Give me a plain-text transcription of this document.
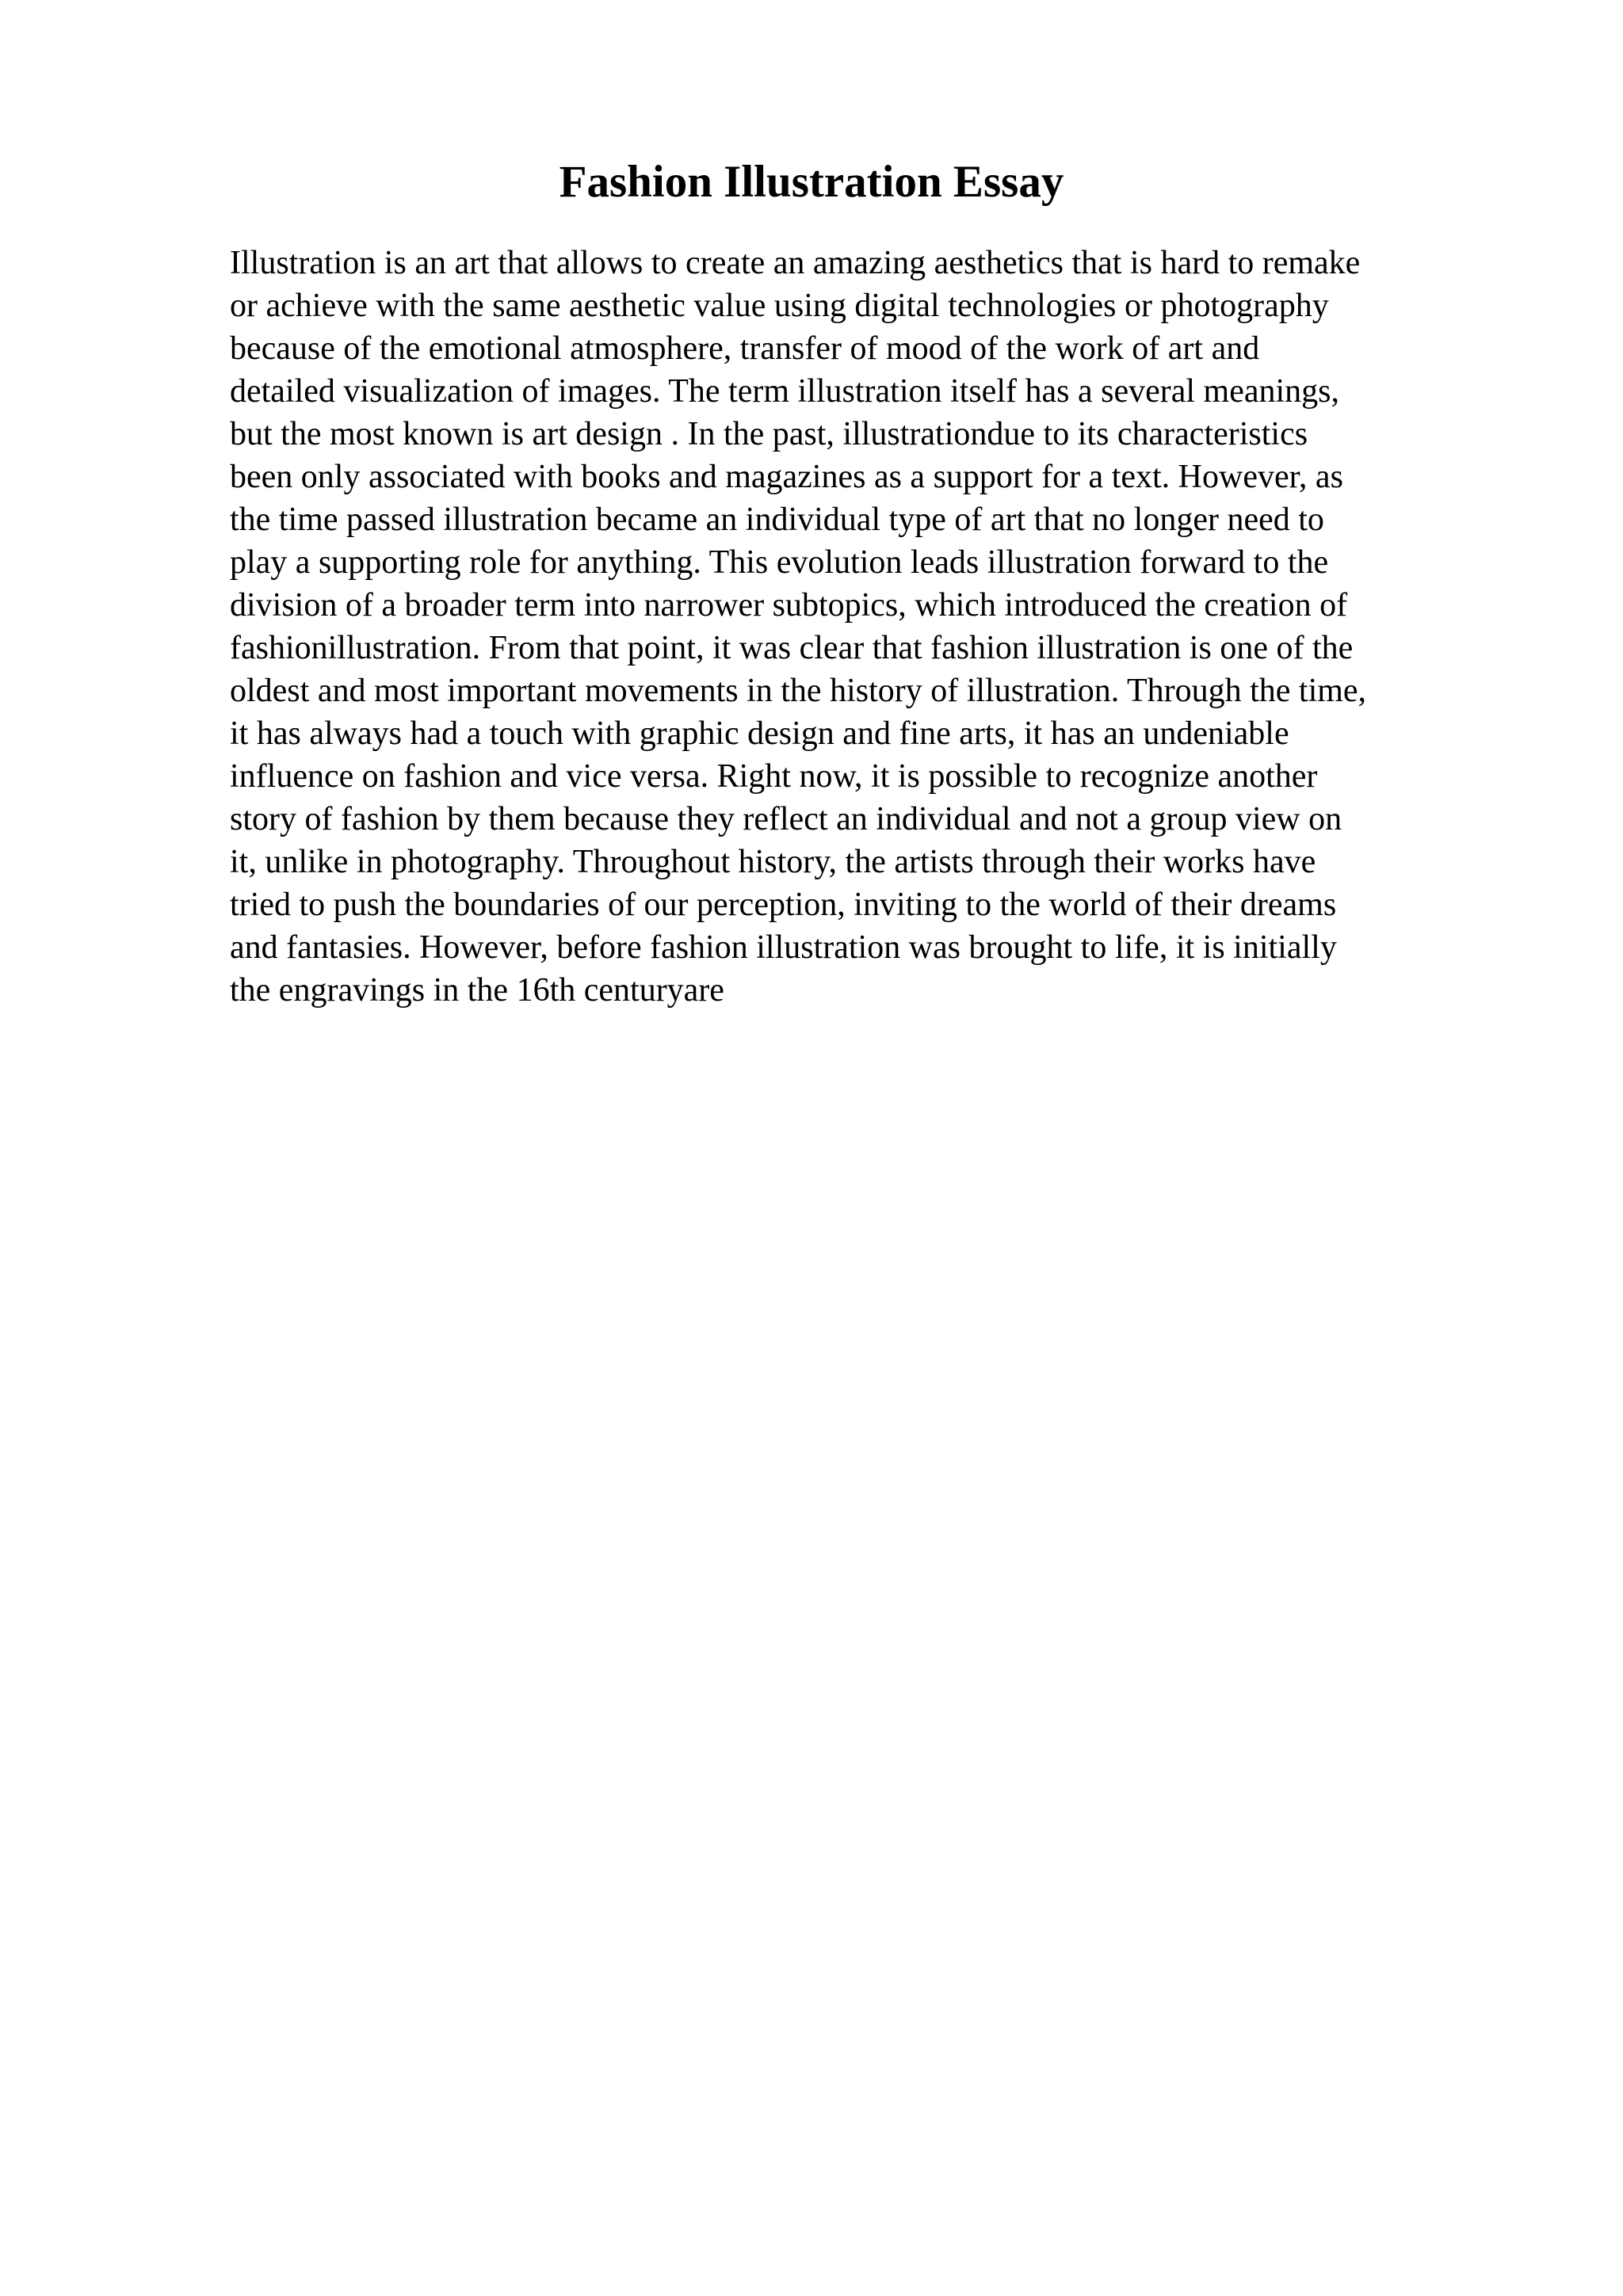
Fashion Illustration Essay

Illustration is an art that allows to create an amazing aesthetics that is hard to remake
or achieve with the same aesthetic value using digital technologies or photography
because of the emotional atmosphere, transfer of mood of the work of art and
detailed visualization of images. The term illustration itself has a several meanings,
but the most known is art design . In the past, illustrationdue to its characteristics
been only associated with books and magazines as a support for a text. However, as
the time passed illustration became an individual type of art that no longer need to
play a supporting role for anything. This evolution leads illustration forward to the
division of a broader term into narrower subtopics, which introduced the creation of
fashionillustration. From that point, it was clear that fashion illustration is one of the
oldest and most important movements in the history of illustration. Through the time,
it has always had a touch with graphic design and fine arts, it has an undeniable
influence on fashion and vice versa. Right now, it is possible to recognize another
story of fashion by them because they reflect an individual and not a group view on
it, unlike in photography. Throughout history, the artists through their works have
tried to push the boundaries of our perception, inviting to the world of their dreams
and fantasies. However, before fashion illustration was brought to life, it is initially
the engravings in the 16th centuryare
